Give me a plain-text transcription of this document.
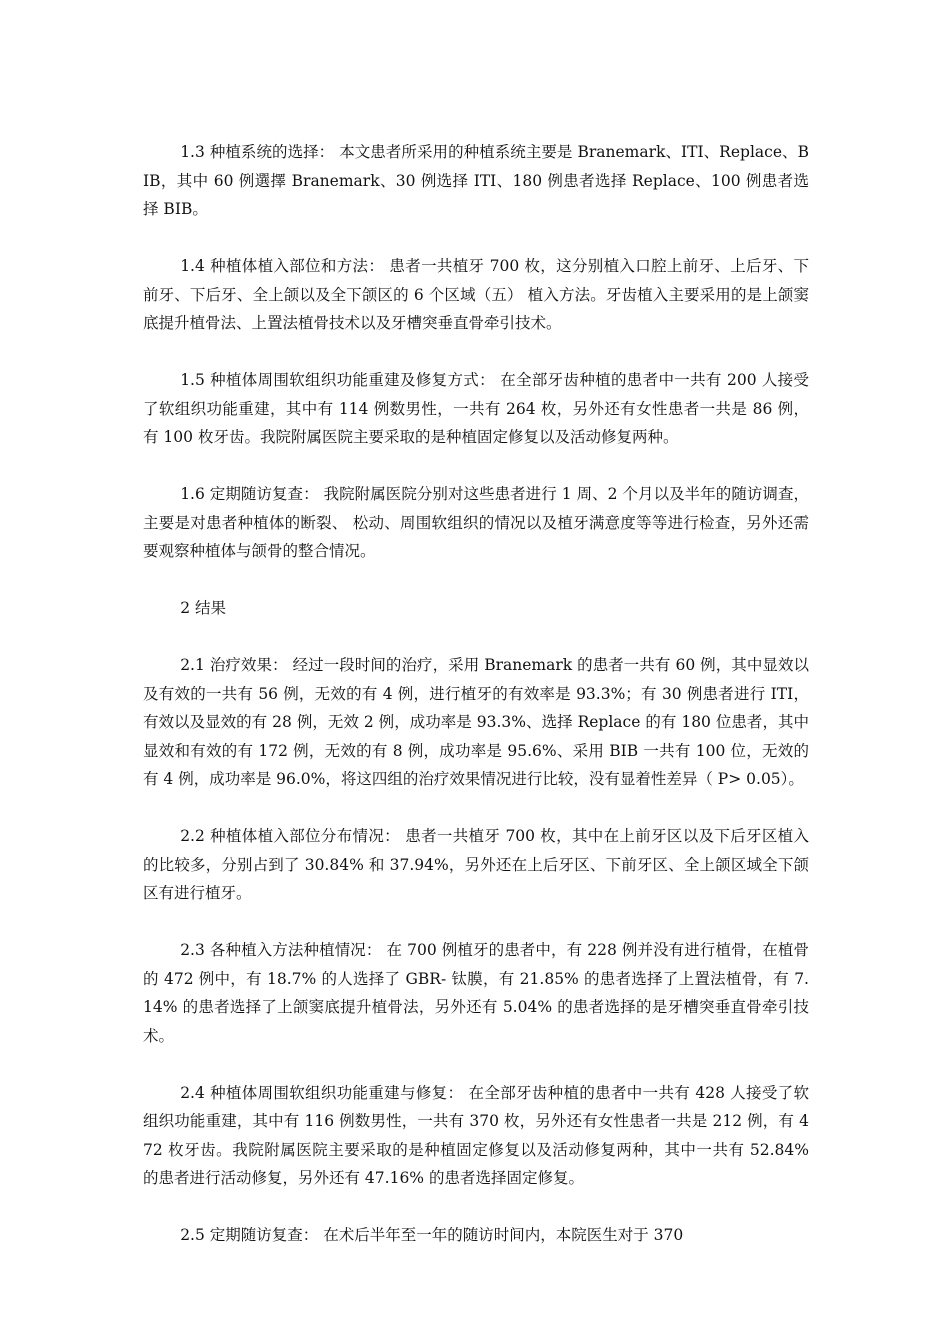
1.3 种植系统的选择： 本文患者所采用的种植系统主要是 Branemark、ITI、Replace、BIB，其中 60 例選擇 Branemark、30 例选择 ITI、180 例患者选择 Replace、100 例患者选择 BIB。

1.4 种植体植入部位和方法： 患者一共植牙 700 枚，这分别植入口腔上前牙、上后牙、下前牙、下后牙、全上颌以及全下颌区的 6 个区域（五） 植入方法。牙齿植入主要采用的是上颌窦底提升植骨法、上置法植骨技术以及牙槽突垂直骨牵引技术。

1.5 种植体周围软组织功能重建及修复方式： 在全部牙齿种植的患者中一共有 200 人接受了软组织功能重建，其中有 114 例数男性，一共有 264 枚，另外还有女性患者一共是 86 例，有 100 枚牙齿。我院附属医院主要采取的是种植固定修复以及活动修复两种。

1.6 定期随访复查： 我院附属医院分别对这些患者进行 1 周、2 个月以及半年的随访调查，主要是对患者种植体的断裂、 松动、周围软组织的情况以及植牙满意度等等进行检查，另外还需要观察种植体与颌骨的整合情况。

2 结果

2.1 治疗效果： 经过一段时间的治疗，采用 Branemark 的患者一共有 60 例，其中显效以及有效的一共有 56 例，无效的有 4 例，进行植牙的有效率是 93.3%；有 30 例患者进行 ITI，有效以及显效的有 28 例，无效 2 例，成功率是 93.3%、选择 Replace 的有 180 位患者，其中显效和有效的有 172 例，无效的有 8 例，成功率是 95.6%、采用 BIB 一共有 100 位，无效的有 4 例，成功率是 96.0%，将这四组的治疗效果情况进行比较，没有显着性差异（ P> 0.05）。

2.2 种植体植入部位分布情况： 患者一共植牙 700 枚，其中在上前牙区以及下后牙区植入的比较多，分别占到了 30.84% 和 37.94%，另外还在上后牙区、下前牙区、全上颌区域全下颌区有进行植牙。

2.3 各种植入方法种植情况： 在 700 例植牙的患者中，有 228 例并没有进行植骨，在植骨的 472 例中，有 18.7% 的人选择了 GBR- 钛膜，有 21.85% 的患者选择了上置法植骨，有 7.14% 的患者选择了上颌窦底提升植骨法，另外还有 5.04% 的患者选择的是牙槽突垂直骨牵引技术。

2.4 种植体周围软组织功能重建与修复： 在全部牙齿种植的患者中一共有 428 人接受了软组织功能重建，其中有 116 例数男性，一共有 370 枚，另外还有女性患者一共是 212 例，有 472 枚牙齿。我院附属医院主要采取的是种植固定修复以及活动修复两种，其中一共有 52.84% 的患者进行活动修复，另外还有 47.16% 的患者选择固定修复。

2.5 定期随访复查： 在术后半年至一年的随访时间内，本院医生对于 370
